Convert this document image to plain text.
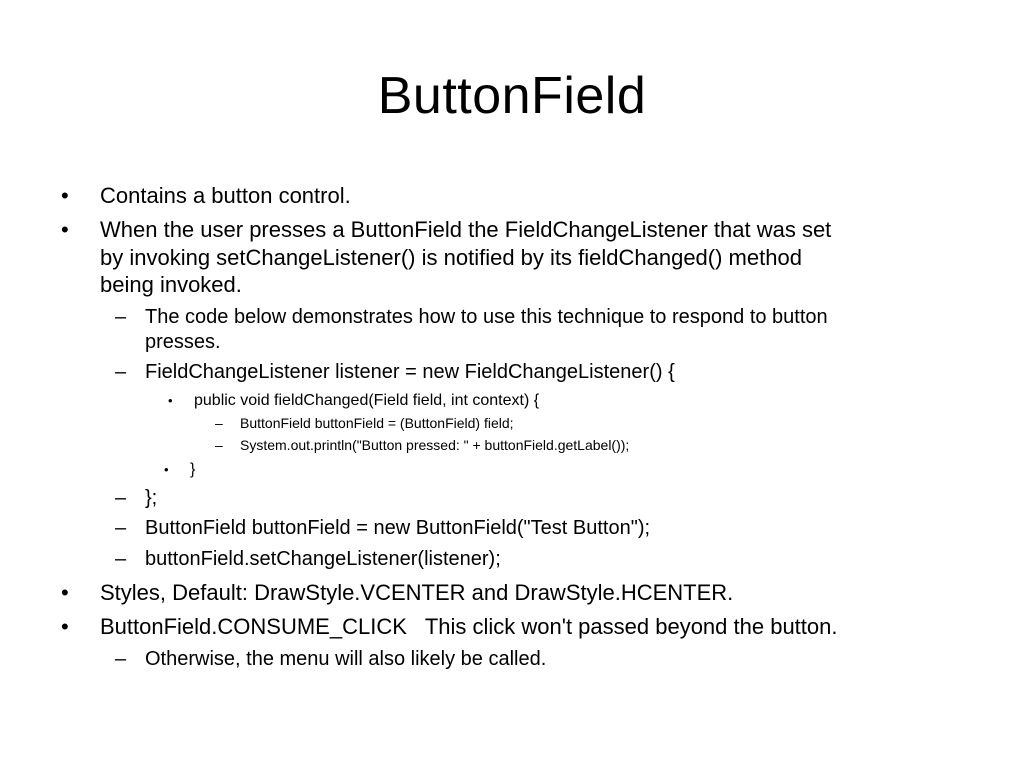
ButtonField
• Contains a button control.
• When the user presses a ButtonField the FieldChangeListener that was set
by invoking setChangeListener() is notified by its fieldChanged() method
being invoked.
– The code below demonstrates how to use this technique to respond to button
presses.
– FieldChangeListener listener = new FieldChangeListener() {
• public void fieldChanged(Field field, int context) {
– ButtonField buttonField = (ButtonField) field;
– System.out.println("Button pressed: " + buttonField.getLabel());
• }
– };
– ButtonField buttonField = new ButtonField("Test Button");
– buttonField.setChangeListener(listener);
• Styles, Default: DrawStyle.VCENTER and DrawStyle.HCENTER.
• ButtonField.CONSUME_CLICK   This click won't passed beyond the button.
– Otherwise, the menu will also likely be called.
